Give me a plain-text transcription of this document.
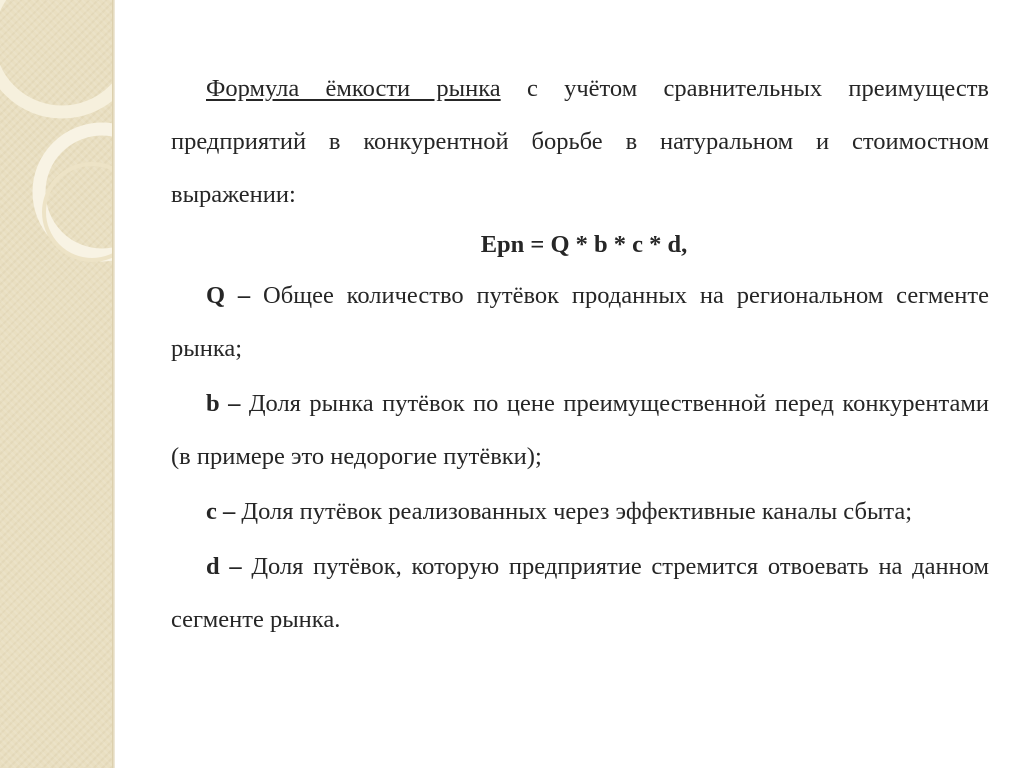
Формула ёмкости рынка с учётом сравнительных преимуществ предприятий в конкурентной борьбе в натуральном и стоимостном выражении:

Epn = Q * b * c * d,

Q – Общее количество путёвок проданных на региональном сегменте рынка;

b – Доля рынка путёвок по цене преимущественной перед конкурентами (в примере это недорогие путёвки);

c – Доля путёвок реализованных через эффективные каналы сбыта;

d – Доля путёвок, которую предприятие стремится отвоевать на данном сегменте рынка.
